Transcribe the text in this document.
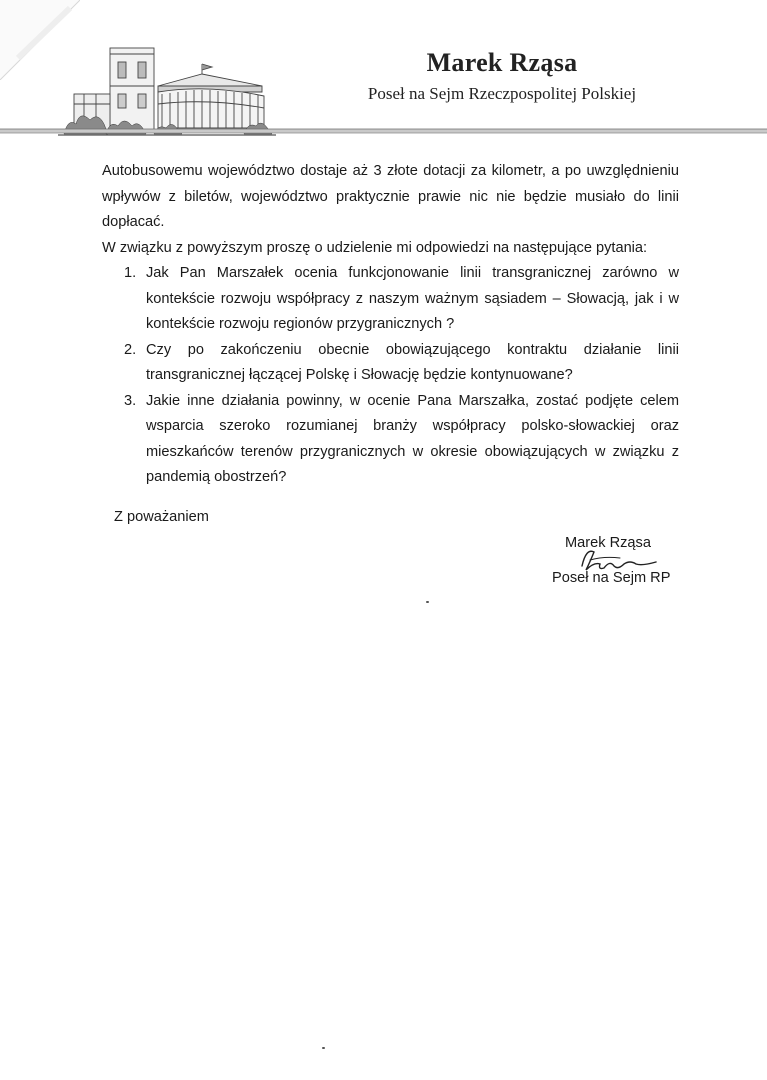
Marek Rząsa
Poseł na Sejm Rzeczpospolitej Polskiej

Autobusowemu województwo dostaje aż 3 złote dotacji za kilometr, a po uwzględnieniu wpływów z biletów, województwo praktycznie prawie nic nie będzie musiało do linii dopłacać.

W związku z powyższym proszę o udzielenie mi odpowiedzi na następujące pytania:

1. Jak Pan Marszałek ocenia funkcjonowanie linii transgranicznej zarówno w kontekście rozwoju współpracy z naszym ważnym sąsiadem – Słowacją, jak i w kontekście rozwoju regionów przygranicznych ?
2. Czy po zakończeniu obecnie obowiązującego kontraktu działanie linii transgranicznej łączącej Polskę i Słowację będzie kontynuowane?
3. Jakie inne działania powinny, w ocenie Pana Marszałka, zostać podjęte celem wsparcia szeroko rozumianej branży współpracy polsko-słowackiej oraz mieszkańców terenów przygranicznych w okresie obowiązujących w związku z pandemią obostrzeń?
Z poważaniem
Marek Rząsa
Poseł na Sejm RP
